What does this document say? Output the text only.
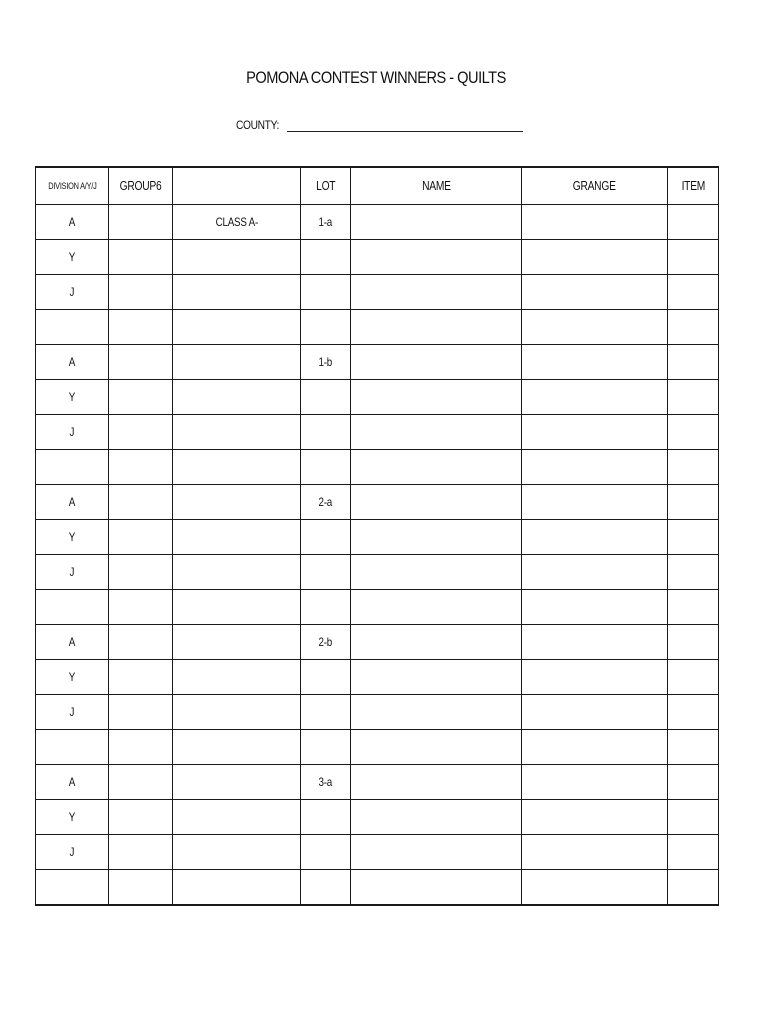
POMONA CONTEST WINNERS - QUILTS
COUNTY:
DIVISION A/Y/J	GROUP6		LOT	NAME	GRANGE	ITEM
A		CLASS A-	1-a			
Y						
J						

A			1-b			
Y						
J						

A			2-a			
Y						
J						

A			2-b			
Y						
J						

A			3-a			
Y						
J						
